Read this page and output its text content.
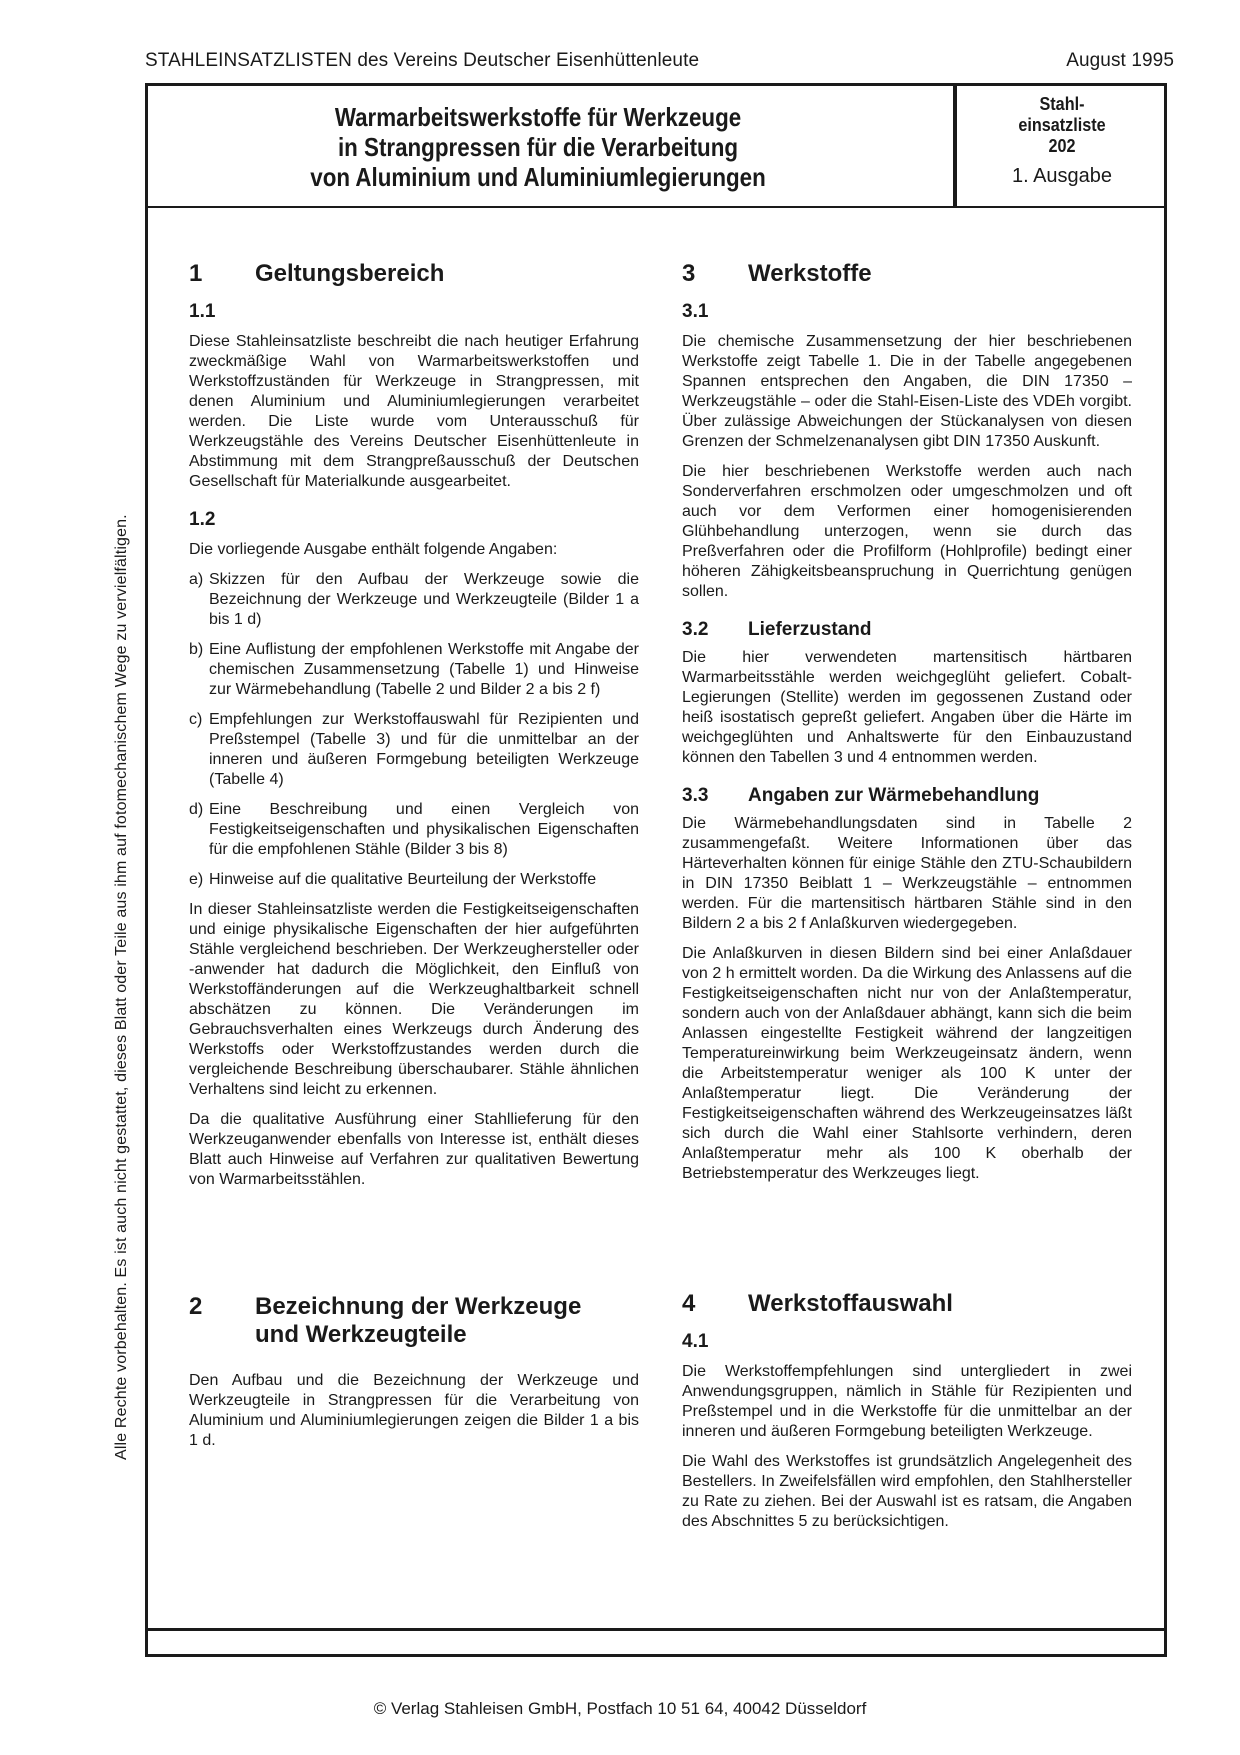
STAHLEINSATZLISTEN des Vereins Deutscher Eisenhüttenleute	August 1995
Alle Rechte vorbehalten. Es ist auch nicht gestattet, dieses Blatt oder Teile aus ihm auf fotomechanischem Wege zu vervielfältigen.
Warmarbeitswerkstoffe für Werkzeuge
in Strangpressen für die Verarbeitung
von Aluminium und Aluminiumlegierungen
Stahl-
einsatzliste
202
1. Ausgabe
1	Geltungsbereich
1.1

Diese Stahleinsatzliste beschreibt die nach heutiger Erfahrung zweckmäßige Wahl von Warmarbeitswerkstoffen und Werkstoffzuständen für Werkzeuge in Strangpressen, mit denen Aluminium und Aluminiumlegierungen verarbeitet werden. Die Liste wurde vom Unterausschuß für Werkzeugstähle des Vereins Deutscher Eisenhüttenleute in Abstimmung mit dem Strangpreßausschuß der Deutschen Gesellschaft für Materialkunde ausgearbeitet.

1.2

Die vorliegende Ausgabe enthält folgende Angaben:

a) Skizzen für den Aufbau der Werkzeuge sowie die Bezeichnung der Werkzeuge und Werkzeugteile (Bilder 1 a bis 1 d)
b) Eine Auflistung der empfohlenen Werkstoffe mit Angabe der chemischen Zusammensetzung (Tabelle 1) und Hinweise zur Wärmebehandlung (Tabelle 2 und Bilder 2 a bis 2 f)
c) Empfehlungen zur Werkstoffauswahl für Rezipienten und Preßstempel (Tabelle 3) und für die unmittelbar an der inneren und äußeren Formgebung beteiligten Werkzeuge (Tabelle 4)
d) Eine Beschreibung und einen Vergleich von Festigkeitseigenschaften und physikalischen Eigenschaften für die empfohlenen Stähle (Bilder 3 bis 8)
e) Hinweise auf die qualitative Beurteilung der Werkstoffe

In dieser Stahleinsatzliste werden die Festigkeitseigenschaften und einige physikalische Eigenschaften der hier aufgeführten Stähle vergleichend beschrieben. Der Werkzeughersteller oder -anwender hat dadurch die Möglichkeit, den Einfluß von Werkstoffänderungen auf die Werkzeughaltbarkeit schnell abschätzen zu können. Die Veränderungen im Gebrauchsverhalten eines Werkzeugs durch Änderung des Werkstoffs oder Werkstoffzustandes werden durch die vergleichende Beschreibung überschaubarer. Stähle ähnlichen Verhaltens sind leicht zu erkennen.

Da die qualitative Ausführung einer Stahllieferung für den Werkzeuganwender ebenfalls von Interesse ist, enthält dieses Blatt auch Hinweise auf Verfahren zur qualitativen Bewertung von Warmarbeitsstählen.

2	Bezeichnung der Werkzeuge
und Werkzeugteile

Den Aufbau und die Bezeichnung der Werkzeuge und Werkzeugteile in Strangpressen für die Verarbeitung von Aluminium und Aluminiumlegierungen zeigen die Bilder 1 a bis 1 d.

3	Werkstoffe
3.1

Die chemische Zusammensetzung der hier beschriebenen Werkstoffe zeigt Tabelle 1. Die in der Tabelle angegebenen Spannen entsprechen den Angaben, die DIN 17350 – Werkzeugstähle – oder die Stahl-Eisen-Liste des VDEh vorgibt. Über zulässige Abweichungen der Stückanalysen von diesen Grenzen der Schmelzenanalysen gibt DIN 17350 Auskunft.

Die hier beschriebenen Werkstoffe werden auch nach Sonderverfahren erschmolzen oder umgeschmolzen und oft auch vor dem Verformen einer homogenisierenden Glühbehandlung unterzogen, wenn sie durch das Preßverfahren oder die Profilform (Hohlprofile) bedingt einer höheren Zähigkeitsbeanspruchung in Querrichtung genügen sollen.

3.2	Lieferzustand

Die hier verwendeten martensitisch härtbaren Warmarbeitsstähle werden weichgeglüht geliefert. Cobalt-Legierungen (Stellite) werden im gegossenen Zustand oder heiß isostatisch gepreßt geliefert. Angaben über die Härte im weichgeglühten und Anhaltswerte für den Einbauzustand können den Tabellen 3 und 4 entnommen werden.

3.3	Angaben zur Wärmebehandlung

Die Wärmebehandlungsdaten sind in Tabelle 2 zusammengefaßt. Weitere Informationen über das Härteverhalten können für einige Stähle den ZTU-Schaubildern in DIN 17350 Beiblatt 1 – Werkzeugstähle – entnommen werden. Für die martensitisch härtbaren Stähle sind in den Bildern 2 a bis 2 f Anlaßkurven wiedergegeben.

Die Anlaßkurven in diesen Bildern sind bei einer Anlaßdauer von 2 h ermittelt worden. Da die Wirkung des Anlassens auf die Festigkeitseigenschaften nicht nur von der Anlaßtemperatur, sondern auch von der Anlaßdauer abhängt, kann sich die beim Anlassen eingestellte Festigkeit während der langzeitigen Temperatureinwirkung beim Werkzeugeinsatz ändern, wenn die Arbeitstemperatur weniger als 100 K unter der Anlaßtemperatur liegt. Die Veränderung der Festigkeitseigenschaften während des Werkzeugeinsatzes läßt sich durch die Wahl einer Stahlsorte verhindern, deren Anlaßtemperatur mehr als 100 K oberhalb der Betriebstemperatur des Werkzeuges liegt.

4	Werkstoffauswahl
4.1

Die Werkstoffempfehlungen sind untergliedert in zwei Anwendungsgruppen, nämlich in Stähle für Rezipienten und Preßstempel und in die Werkstoffe für die unmittelbar an der inneren und äußeren Formgebung beteiligten Werkzeuge.

Die Wahl des Werkstoffes ist grundsätzlich Angelegenheit des Bestellers. In Zweifelsfällen wird empfohlen, den Stahlhersteller zu Rate zu ziehen. Bei der Auswahl ist es ratsam, die Angaben des Abschnittes 5 zu berücksichtigen.

© Verlag Stahleisen GmbH, Postfach 10 51 64, 40042 Düsseldorf
